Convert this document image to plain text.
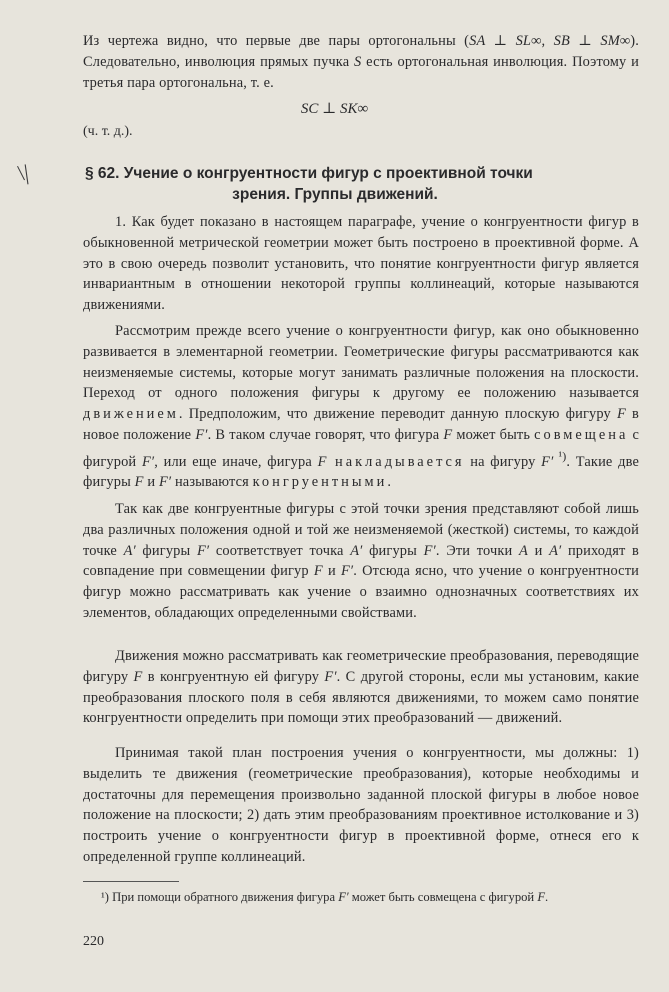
Из чертежа видно, что первые две пары ортогональны (SA ⊥ SL∞, SB ⊥ SM∞). Следовательно, инволюция прямых пучка S есть ортогональная инволюция. Поэтому и третья пара ортогональна, т. е.

SC ⊥ SK∞
(ч. т. д.).
\|	§ 62. Учение о конгруентности фигур с проективной точки
зрения. Группы движений.

1. Как будет показано в настоящем параграфе, учение о конгруентности фигур в обыкновенной метрической геометрии может быть построено в проективной форме. А это в свою очередь позволит установить, что понятие конгруентности фигур является инвариантным в отношении некоторой группы коллинеаций, которые называются движениями.

Рассмотрим прежде всего учение о конгруентности фигур, как оно обыкновенно развивается в элементарной геометрии. Геометрические фигуры рассматриваются как неизменяемые системы, которые могут занимать различные положения на плоскости. Переход от одного положения фигуры к другому ее положению называется движением. Предположим, что движение переводит данную плоскую фигуру F в новое положение F′. В таком случае говорят, что фигура F может быть совмещена с фигурой F′, или еще иначе, фигура F накладывается на фигуру F′ $^{^1)}$. Такие две фигуры F и F′ называются конгруентными.

Так как две конгруентные фигуры с этой точки зрения представляют собой лишь два различных положения одной и той же неизменяемой (жесткой) системы, то каждой точке A′ фигуры F′ соответствует точка A′ фигуры F′. Эти точки A и A′ приходят в совпадение при совмещении фигур F и F′. Отсюда ясно, что учение о конгруентности фигур можно рассматривать как учение о взаимно однозначных соответствиях их элементов, обладающих определенными свойствами.

Движения можно рассматривать как геометрические преобразования, переводящие фигуру F в конгруентную ей фигуру F′. С другой стороны, если мы установим, какие преобразования плоского поля в себя являются движениями, то можем само понятие конгруентности определить при помощи этих преобразований — движений.

Принимая такой план построения учения о конгруентности, мы должны: 1) выделить те движения (геометрические преобразования), которые необходимы и достаточны для перемещения произвольно заданной плоской фигуры в любое новое положение на плоскости; 2) дать этим преобразованиям проективное истолкование и 3) построить учение о конгруентности фигур в проективной форме, отнеся его к определенной группе коллинеаций.

¹) При помощи обратного движения фигура F′ может быть совмещена с фигурой F.

220
